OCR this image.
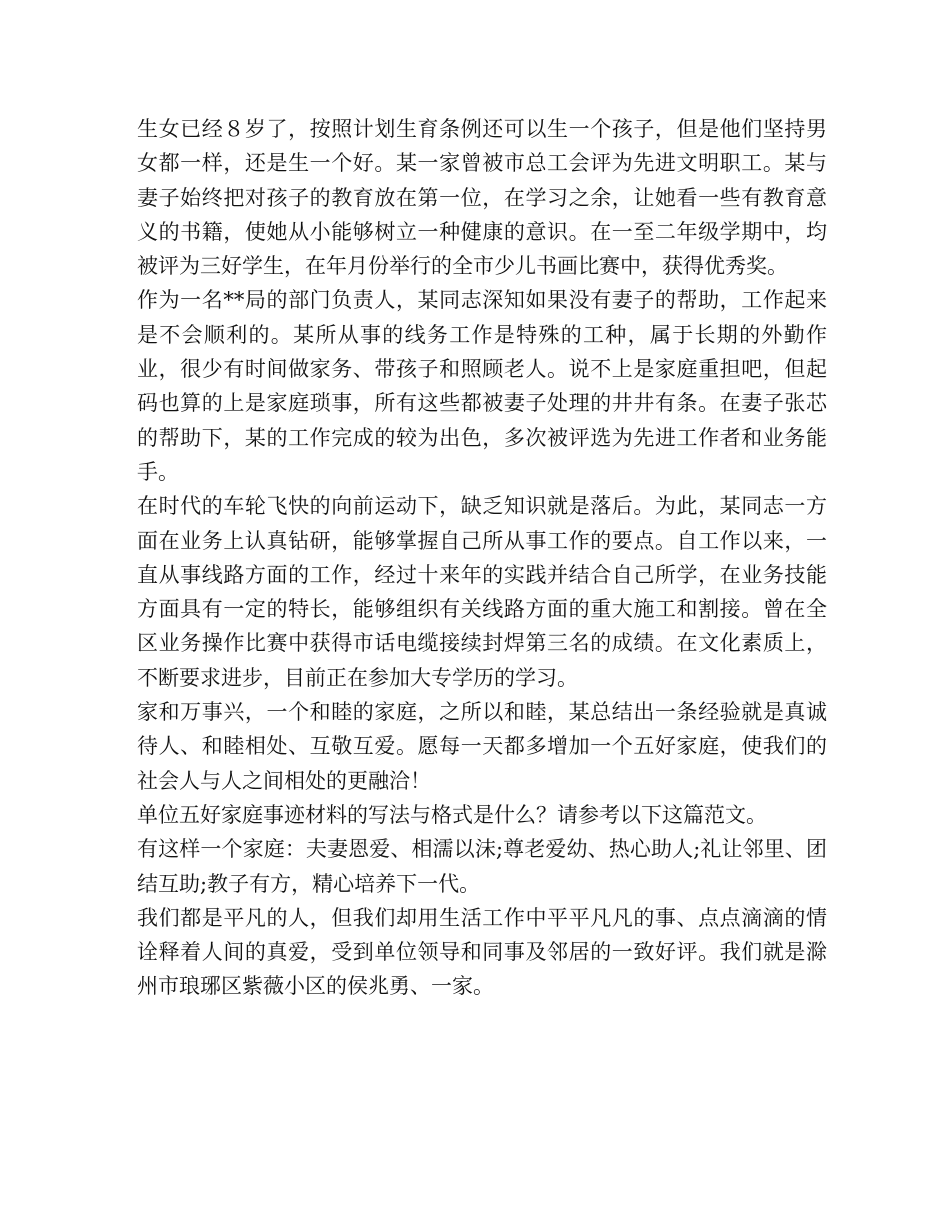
生女已经８岁了，按照计划生育条例还可以生一个孩子，但是他们坚持男女都一样，还是生一个好。某一家曾被市总工会评为先进文明职工。某与妻子始终把对孩子的教育放在第一位，在学习之余，让她看一些有教育意义的书籍，使她从小能够树立一种健康的意识。在一至二年级学期中，均被评为三好学生，在年月份举行的全市少儿书画比赛中，获得优秀奖。

作为一名**局的部门负责人，某同志深知如果没有妻子的帮助，工作起来是不会顺利的。某所从事的线务工作是特殊的工种，属于长期的外勤作业，很少有时间做家务、带孩子和照顾老人。说不上是家庭重担吧，但起码也算的上是家庭琐事，所有这些都被妻子处理的井井有条。在妻子张芯的帮助下，某的工作完成的较为出色，多次被评选为先进工作者和业务能手。

在时代的车轮飞快的向前运动下，缺乏知识就是落后。为此，某同志一方面在业务上认真钻研，能够掌握自己所从事工作的要点。自工作以来，一直从事线路方面的工作，经过十来年的实践并结合自己所学，在业务技能方面具有一定的特长，能够组织有关线路方面的重大施工和割接。曾在全区业务操作比赛中获得市话电缆接续封焊第三名的成绩。在文化素质上，不断要求进步，目前正在参加大专学历的学习。

家和万事兴，一个和睦的家庭，之所以和睦，某总结出一条经验就是真诚待人、和睦相处、互敬互爱。愿每一天都多增加一个五好家庭，使我们的社会人与人之间相处的更融洽！

单位五好家庭事迹材料的写法与格式是什么？请参考以下这篇范文。

有这样一个家庭：夫妻恩爱、相濡以沫;尊老爱幼、热心助人;礼让邻里、团结互助;教子有方，精心培养下一代。

我们都是平凡的人，但我们却用生活工作中平平凡凡的事、点点滴滴的情诠释着人间的真爱，受到单位领导和同事及邻居的一致好评。我们就是滁州市琅琊区紫薇小区的侯兆勇、一家。
